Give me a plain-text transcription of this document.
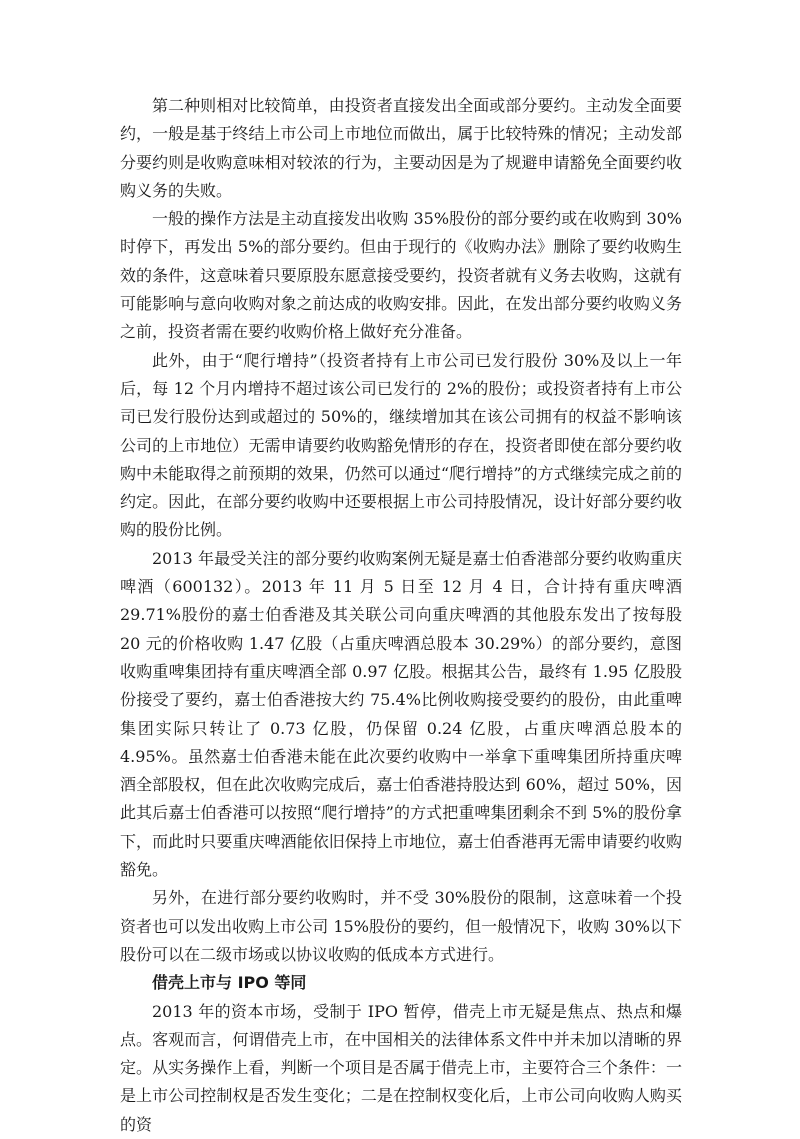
第二种则相对比较简单，由投资者直接发出全面或部分要约。主动发全面要约，一般是基于终结上市公司上市地位而做出，属于比较特殊的情况；主动发部分要约则是收购意味相对较浓的行为，主要动因是为了规避申请豁免全面要约收购义务的失败。

一般的操作方法是主动直接发出收购 35%股份的部分要约或在收购到 30%时停下，再发出 5%的部分要约。但由于现行的《收购办法》删除了要约收购生效的条件，这意味着只要原股东愿意接受要约，投资者就有义务去收购，这就有可能影响与意向收购对象之前达成的收购安排。因此，在发出部分要约收购义务之前，投资者需在要约收购价格上做好充分准备。

此外，由于“爬行增持”（投资者持有上市公司已发行股份 30%及以上一年后，每 12 个月内增持不超过该公司已发行的 2%的股份；或投资者持有上市公司已发行股份达到或超过的 50%的，继续增加其在该公司拥有的权益不影响该公司的上市地位）无需申请要约收购豁免情形的存在，投资者即使在部分要约收购中未能取得之前预期的效果，仍然可以通过“爬行增持”的方式继续完成之前的约定。因此，在部分要约收购中还要根据上市公司持股情况，设计好部分要约收购的股份比例。

2013 年最受关注的部分要约收购案例无疑是嘉士伯香港部分要约收购重庆啤酒（600132）。2013 年 11 月 5 日至 12 月 4 日，合计持有重庆啤酒 29.71%股份的嘉士伯香港及其关联公司向重庆啤酒的其他股东发出了按每股 20 元的价格收购 1.47 亿股（占重庆啤酒总股本 30.29%）的部分要约，意图收购重啤集团持有重庆啤酒全部 0.97 亿股。根据其公告，最终有 1.95 亿股股份接受了要约，嘉士伯香港按大约 75.4%比例收购接受要约的股份，由此重啤集团实际只转让了 0.73 亿股，仍保留 0.24 亿股，占重庆啤酒总股本的 4.95%。虽然嘉士伯香港未能在此次要约收购中一举拿下重啤集团所持重庆啤酒全部股权，但在此次收购完成后，嘉士伯香港持股达到 60%，超过 50%，因此其后嘉士伯香港可以按照“爬行增持”的方式把重啤集团剩余不到 5%的股份拿下，而此时只要重庆啤酒能依旧保持上市地位，嘉士伯香港再无需申请要约收购豁免。

另外，在进行部分要约收购时，并不受 30%股份的限制，这意味着一个投资者也可以发出收购上市公司 15%股份的要约，但一般情况下，收购 30%以下股份可以在二级市场或以协议收购的低成本方式进行。

借壳上市与 IPO 等同

2013 年的资本市场，受制于 IPO 暂停，借壳上市无疑是焦点、热点和爆点。客观而言，何谓借壳上市，在中国相关的法律体系文件中并未加以清晰的界定。从实务操作上看，判断一个项目是否属于借壳上市，主要符合三个条件：一是上市公司控制权是否发生变化；二是在控制权变化后，上市公司向收购人购买的资
